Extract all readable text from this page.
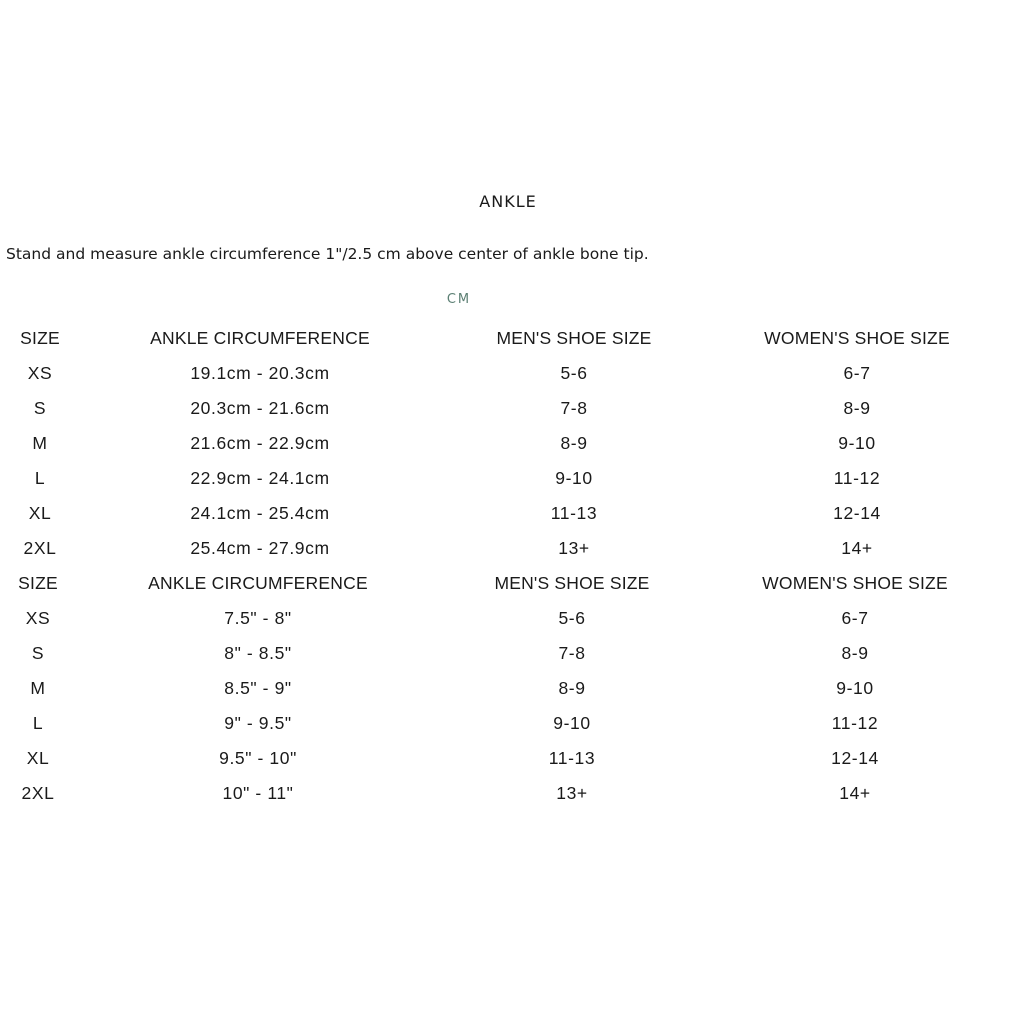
ANKLE
Stand and measure ankle circumference 1"/2.5 cm above center of ankle bone tip.
CM
SIZE	ANKLE CIRCUMFERENCE	MEN'S SHOE SIZE	WOMEN'S SHOE SIZE
XS	19.1cm - 20.3cm	5-6	6-7
S	20.3cm - 21.6cm	7-8	8-9
M	21.6cm - 22.9cm	8-9	9-10
L	22.9cm - 24.1cm	9-10	11-12
XL	24.1cm - 25.4cm	11-13	12-14
2XL	25.4cm - 27.9cm	13+	14+
SIZE	ANKLE CIRCUMFERENCE	MEN'S SHOE SIZE	WOMEN'S SHOE SIZE
XS	7.5" - 8"	5-6	6-7
S	8" - 8.5"	7-8	8-9
M	8.5" - 9"	8-9	9-10
L	9" - 9.5"	9-10	11-12
XL	9.5" - 10"	11-13	12-14
2XL	10" - 11"	13+	14+
